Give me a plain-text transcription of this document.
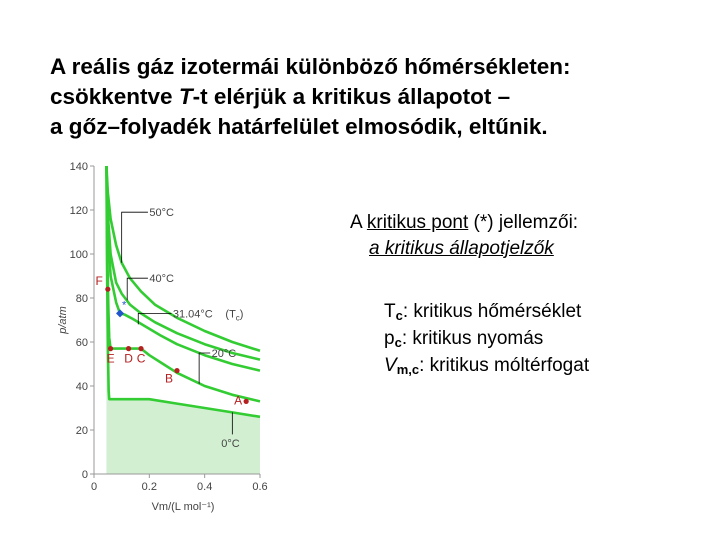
A reális gáz izotermái különböző hőmérsékleten:
csökkentve T-t elérjük a kritikus állapotot –
a gőz–folyadék határfelület elmosódik, eltűnik.
0
20
40
60
80
100
120
140
0	0.2	0.4	0.6
p/atm
Vm/(L mol⁻¹)
50°C
40°C
31.04°C $(T_c)$
20°C
0°C
F
E D C
B
A
*
A kritikus pont (*) jellemzői:
a kritikus állapotjelzők
$T_c$: kritikus hőmérséklet
$p_c$: kritikus nyomás
$V_{m,c}$: kritikus móltérfogat
